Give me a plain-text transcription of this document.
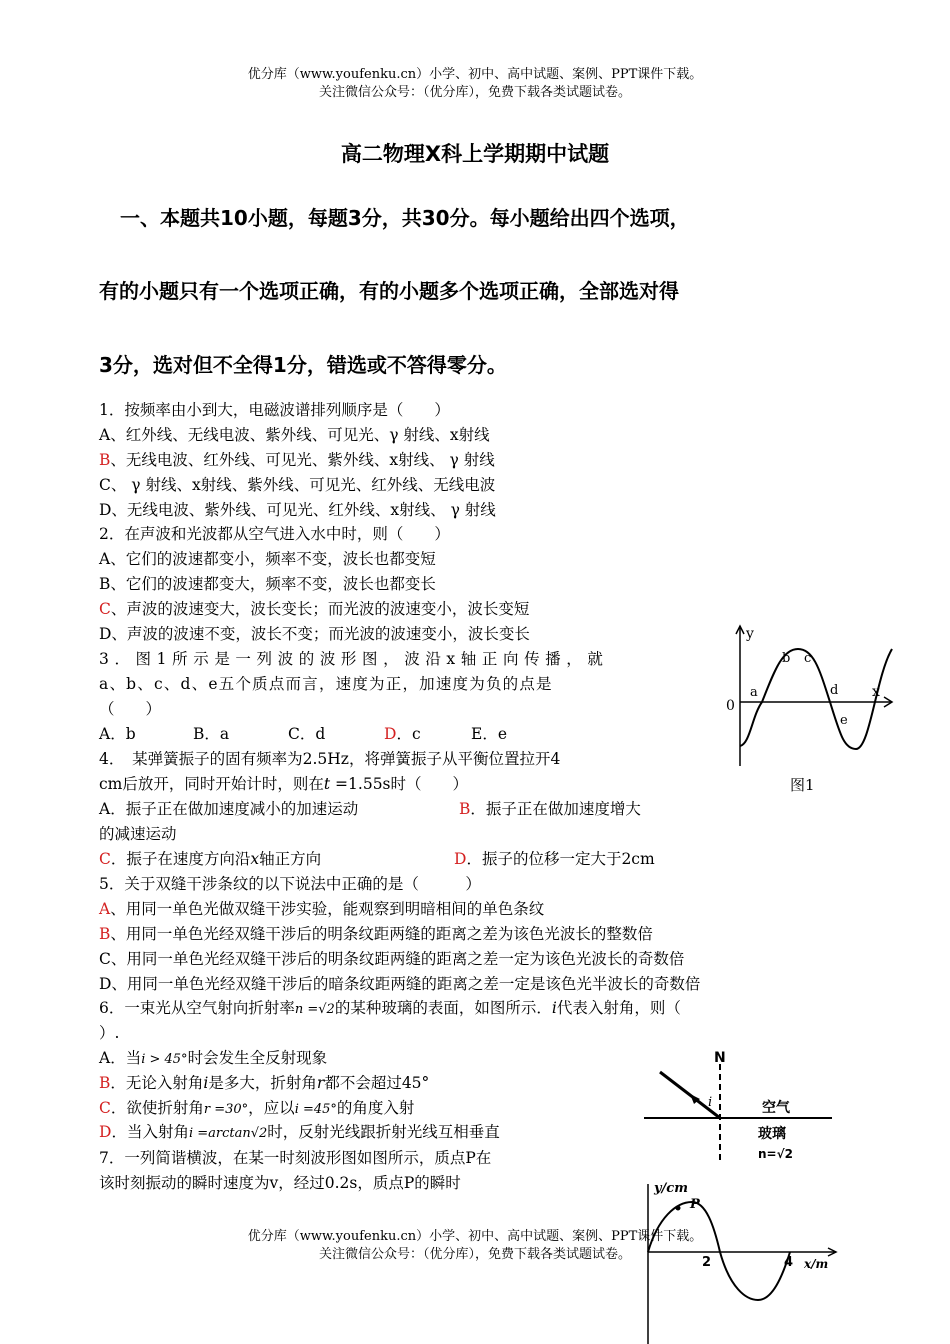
优分库（www.youfenku.cn）小学、初中、高中试题、案例、PPT课件下载。
关注微信公众号：（优分库），免费下载各类试题试卷。
高二物理X科上学期期中试题
一、本题共10小题，每题3分，共30分。每小题给出四个选项，
有的小题只有一个选项正确，有的小题多个选项正确，全部选对得
3分，选对但不全得1分，错选或不答得零分。
1．按频率由小到大，电磁波谱排列顺序是（　　）
A、红外线、无线电波、紫外线、可见光、γ 射线、x射线
B、无线电波、红外线、可见光、紫外线、x射线、 γ 射线
C、 γ 射线、x射线、紫外线、可见光、红外线、无线电波
D、无线电波、紫外线、可见光、红外线、x射线、 γ 射线
2．在声波和光波都从空气进入水中时，则（　　）
A、它们的波速都变小，频率不变，波长也都变短
B、它们的波速都变大，频率不变，波长也都变长
C、声波的波速变大，波长变长；而光波的波速变小，波长变短
D、声波的波速不变，波长不变；而光波的波速变小，波长变长
3．图1所示是一列波的波形图，波沿x轴正向传播，就
a、b、c、d、e五个质点而言，速度为正，加速度为负的点是
（　　）
A．b	B．a	C．d	D．c	E．e
4．　某弹簧振子的固有频率为2.5Hz，将弹簧振子从平衡位置拉开4
cm后放开，同时开始计时，则在t =1.55s时（　　）
A．振子正在做加速度减小的加速运动	B．振子正在做加速度增大
的减速运动
C．振子在速度方向沿x轴正方向	D．振子的位移一定大于2cm
5．关于双缝干涉条纹的以下说法中正确的是（　　　）
A、用同一单色光做双缝干涉实验，能观察到明暗相间的单色条纹
B、用同一单色光经双缝干涉后的明条纹距两缝的距离之差为该色光波长的整数倍
C、用同一单色光经双缝干涉后的明条纹距两缝的距离之差一定为该色光波长的奇数倍
D、用同一单色光经双缝干涉后的暗条纹距两缝的距离之差一定是该色光半波长的奇数倍
6．一束光从空气射向折射率n =√2的某种玻璃的表面，如图所示．i代表入射角，则（
）.
A．当i > 45°时会发生全反射现象
B．无论入射角i是多大，折射角r都不会超过45°
C．欲使折射角r =30°，应以i =45°的角度入射
D．当入射角i =arctan√2时，反射光线跟折射光线互相垂直
7．一列简谐横波，在某一时刻波形图如图所示，质点P在
该时刻振动的瞬时速度为v，经过0.2s，质点P的瞬时
y
x
0
a
b c
d
e
图1
N
i	空气
玻璃
n=√2
y/cm
P
2	4 x/m
优分库（www.youfenku.cn）小学、初中、高中试题、案例、PPT课件下载。
关注微信公众号：（优分库），免费下载各类试题试卷。
